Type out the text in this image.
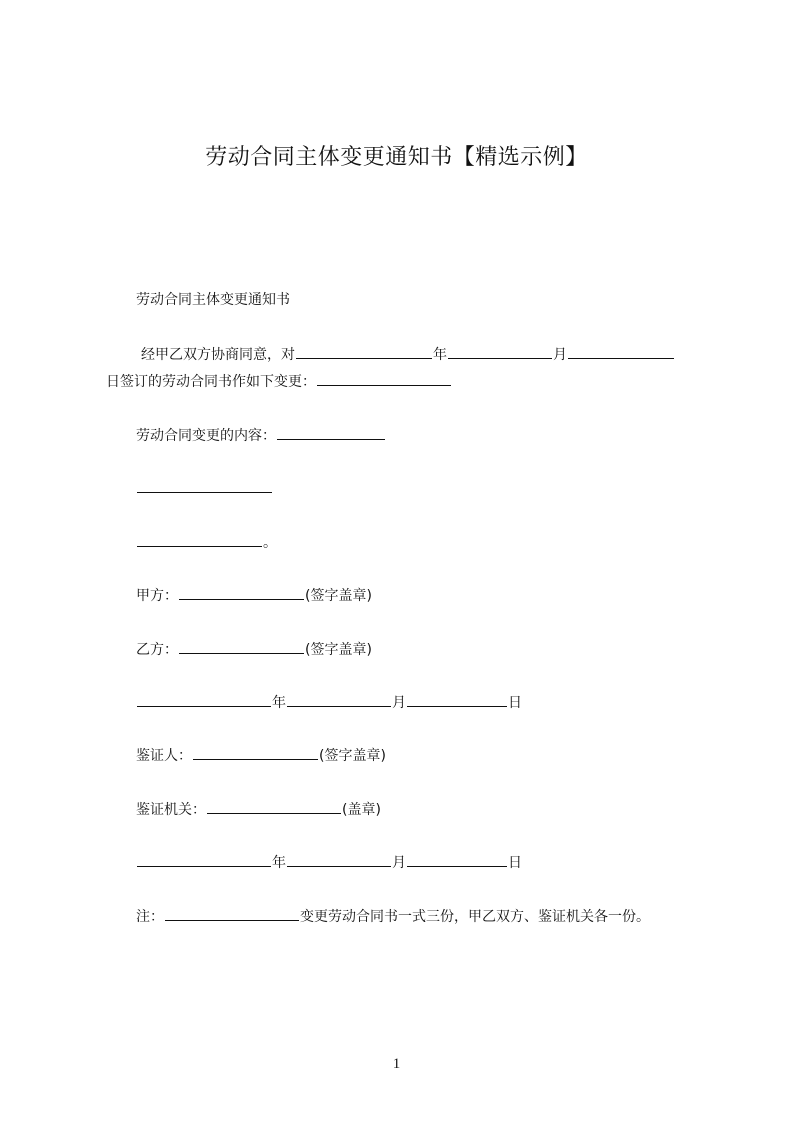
劳动合同主体变更通知书【精选示例】
劳动合同主体变更通知书
经甲乙双方协商同意，对	年	月
日签订的劳动合同书作如下变更：
劳动合同变更的内容：
。
甲方：	(签字盖章)
乙方：	(签字盖章)
年	月	日
鉴证人：	(签字盖章)
鉴证机关：	(盖章)
年	月	日
注：	变更劳动合同书一式三份，甲乙双方、鉴证机关各一份。
1
